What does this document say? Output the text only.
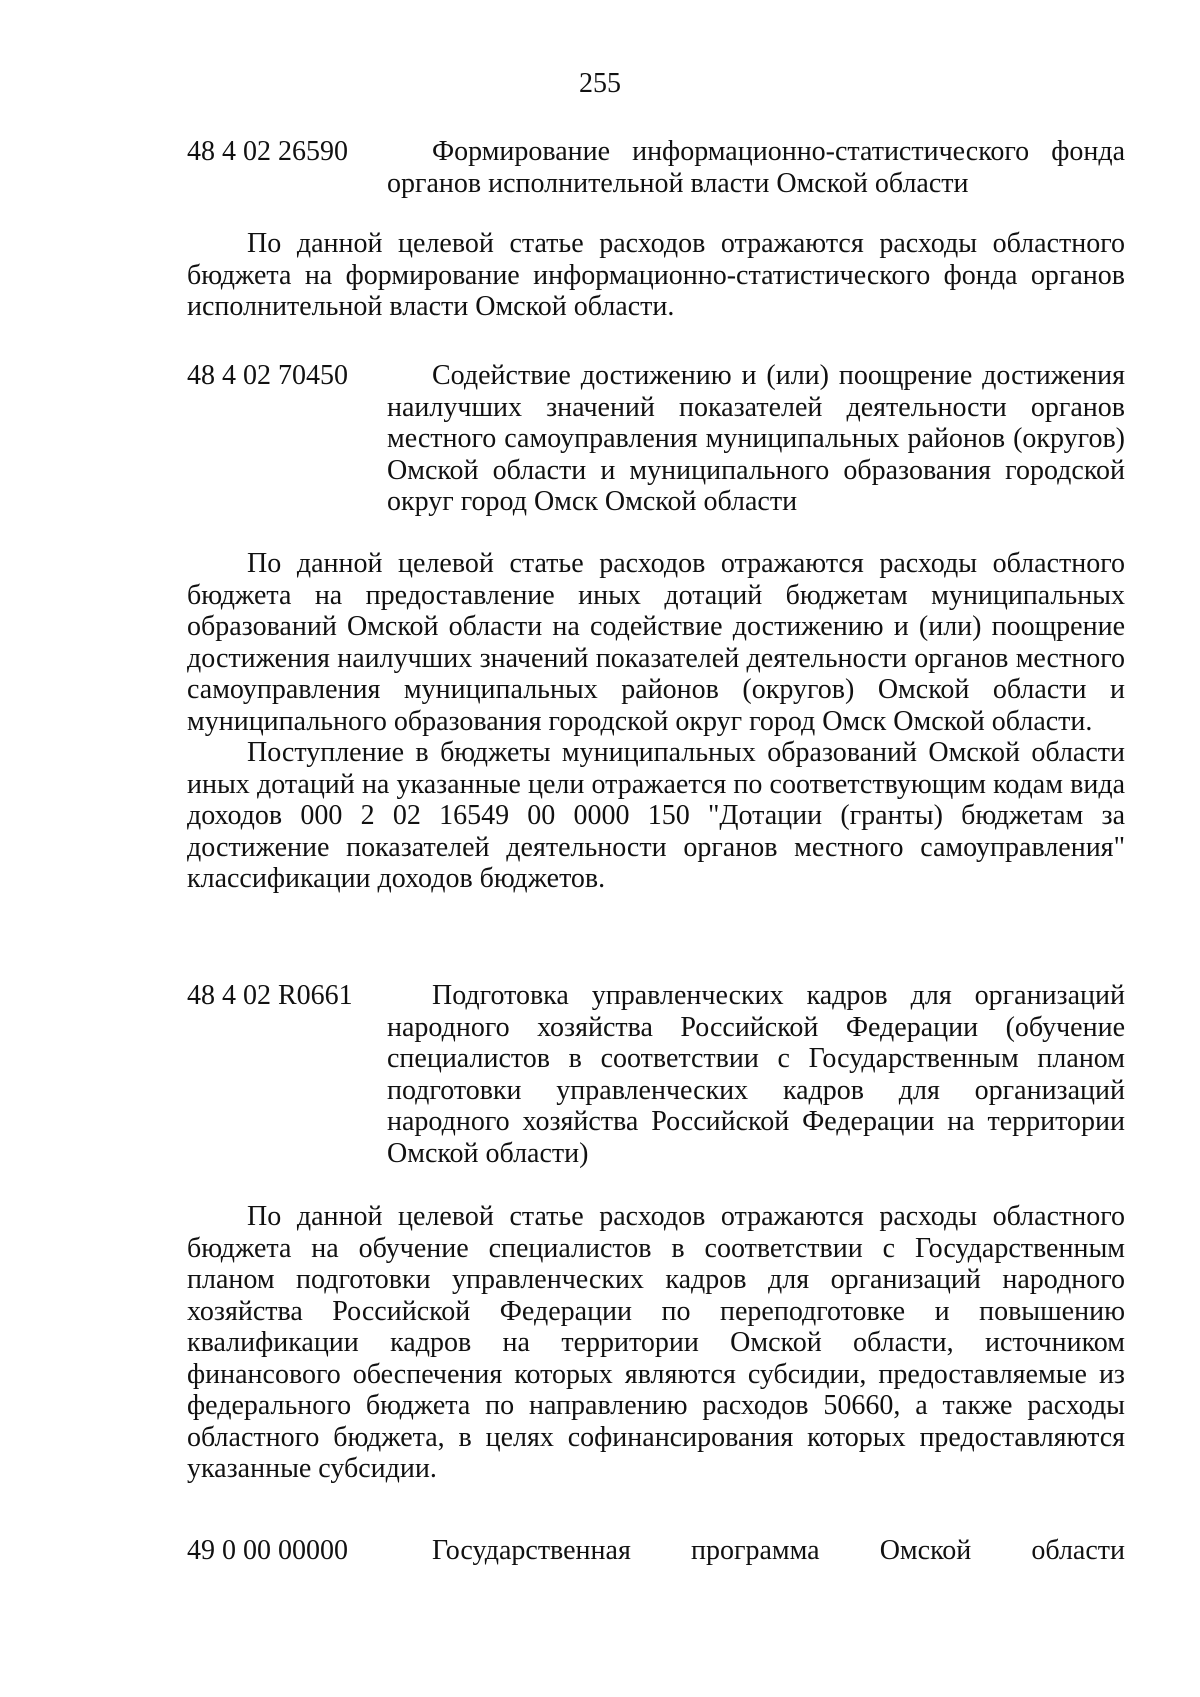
255
48 4 02 26590	Формирование информационно-статистического фонда органов исполнительной власти Омской области

По данной целевой статье расходов отражаются расходы областного бюджета на формирование информационно-статистического фонда органов исполнительной власти Омской области.

48 4 02 70450	Содействие достижению и (или) поощрение достижения наилучших значений показателей деятельности органов местного самоуправления муниципальных районов (округов) Омской области и муниципального образования городской округ город Омск Омской области

По данной целевой статье расходов отражаются расходы областного бюджета на предоставление иных дотаций бюджетам муниципальных образований Омской области на содействие достижению и (или) поощрение достижения наилучших значений показателей деятельности органов местного самоуправления муниципальных районов (округов) Омской области и муниципального образования городской округ город Омск Омской области.

Поступление в бюджеты муниципальных образований Омской области иных дотаций на указанные цели отражается по соответствующим кодам вида доходов 000 2 02 16549 00 0000 150 "Дотации (гранты) бюджетам за достижение показателей деятельности органов местного самоуправления" классификации доходов бюджетов.

48 4 02 R0661	Подготовка управленческих кадров для организаций народного хозяйства Российской Федерации (обучение специалистов в соответствии с Государственным планом подготовки управленческих кадров для организаций народного хозяйства Российской Федерации на территории Омской области)

По данной целевой статье расходов отражаются расходы областного бюджета на обучение специалистов в соответствии с Государственным планом подготовки управленческих кадров для организаций народного хозяйства Российской Федерации по переподготовке и повышению квалификации кадров на территории Омской области, источником финансового обеспечения которых являются субсидии, предоставляемые из федерального бюджета по направлению расходов 50660, а также расходы областного бюджета, в целях софинансирования которых предоставляются указанные субсидии.

49 0 00 00000	Государственная программа Омской области
